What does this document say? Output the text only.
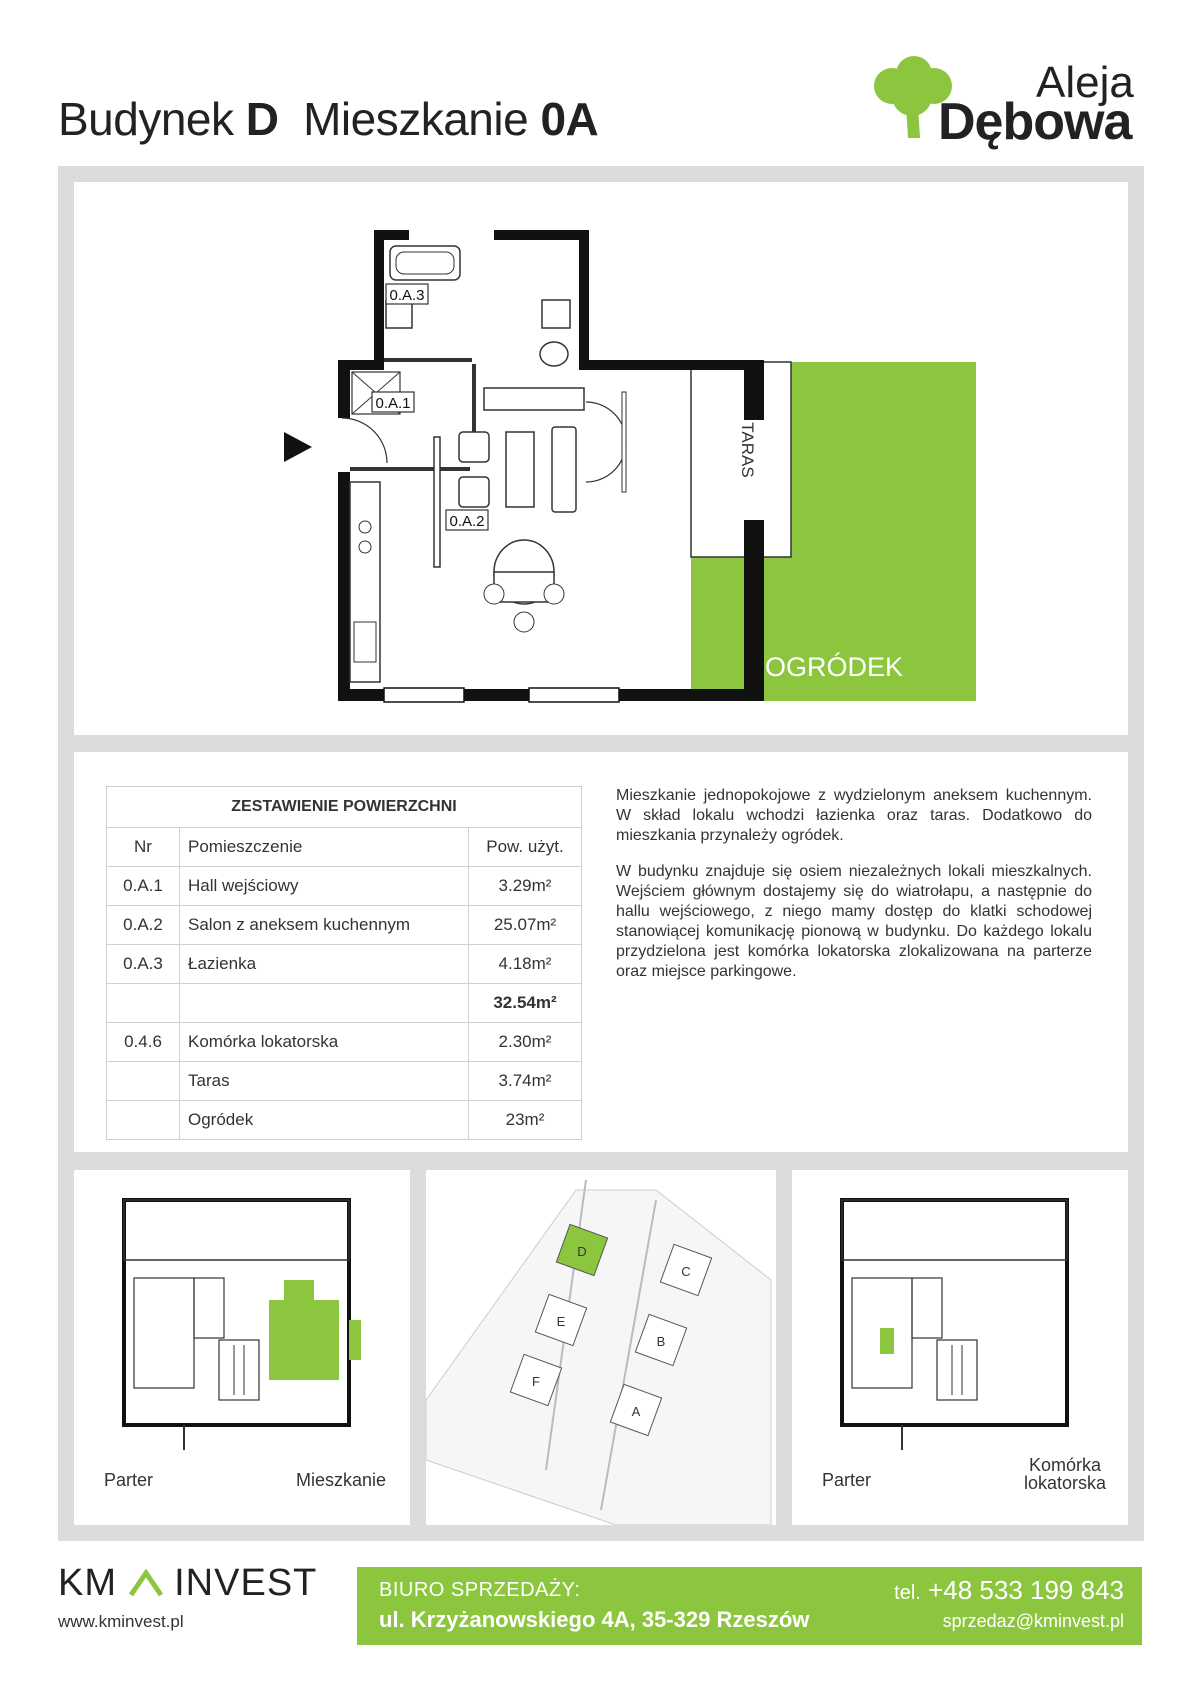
Budynek D Mieszkanie 0A
Aleja
Dębowa
0.A.3
0.A.1
0.A.2
TARAS
OGRÓDEK
ZESTAWIENIE POWIERZCHNI		
Nr	Pomieszczenie	Pow. użyt.
0.A.1	Hall wejściowy	3.29m²
0.A.2	Salon z aneksem kuchennym	25.07m²
0.A.3	Łazienka	4.18m²
		32.54m²
0.4.6	Komórka lokatorska	2.30m²
	Taras	3.74m²
	Ogródek	23m²

Mieszkanie jednopokojowe z wydzielonym aneksem kuchennym. W skład lokalu wchodzi łazienka oraz taras. Dodatkowo do mieszkania przynależy ogródek.

W budynku znajduje się osiem niezależnych lokali mieszkalnych. Wejściem głównym dostajemy się do wiatrołapu, a następnie do hallu wejściowego, z niego mamy dostęp do klatki schodowej stanowiącej komunikację pionową w budynku. Do każdego lokalu przydzielona jest komórka lokatorska zlokalizowana na parterze oraz miejsce parkingowe.

Parter	Mieszkanie
D
C
E
B
F
A
Parter
Komórka
lokatorska
KM INVEST
www.kminvest.pl
BIURO SPRZEDAŻY:
ul. Krzyżanowskiego 4A, 35-329 Rzeszów
tel. +48 533 199 843
sprzedaz@kminvest.pl
